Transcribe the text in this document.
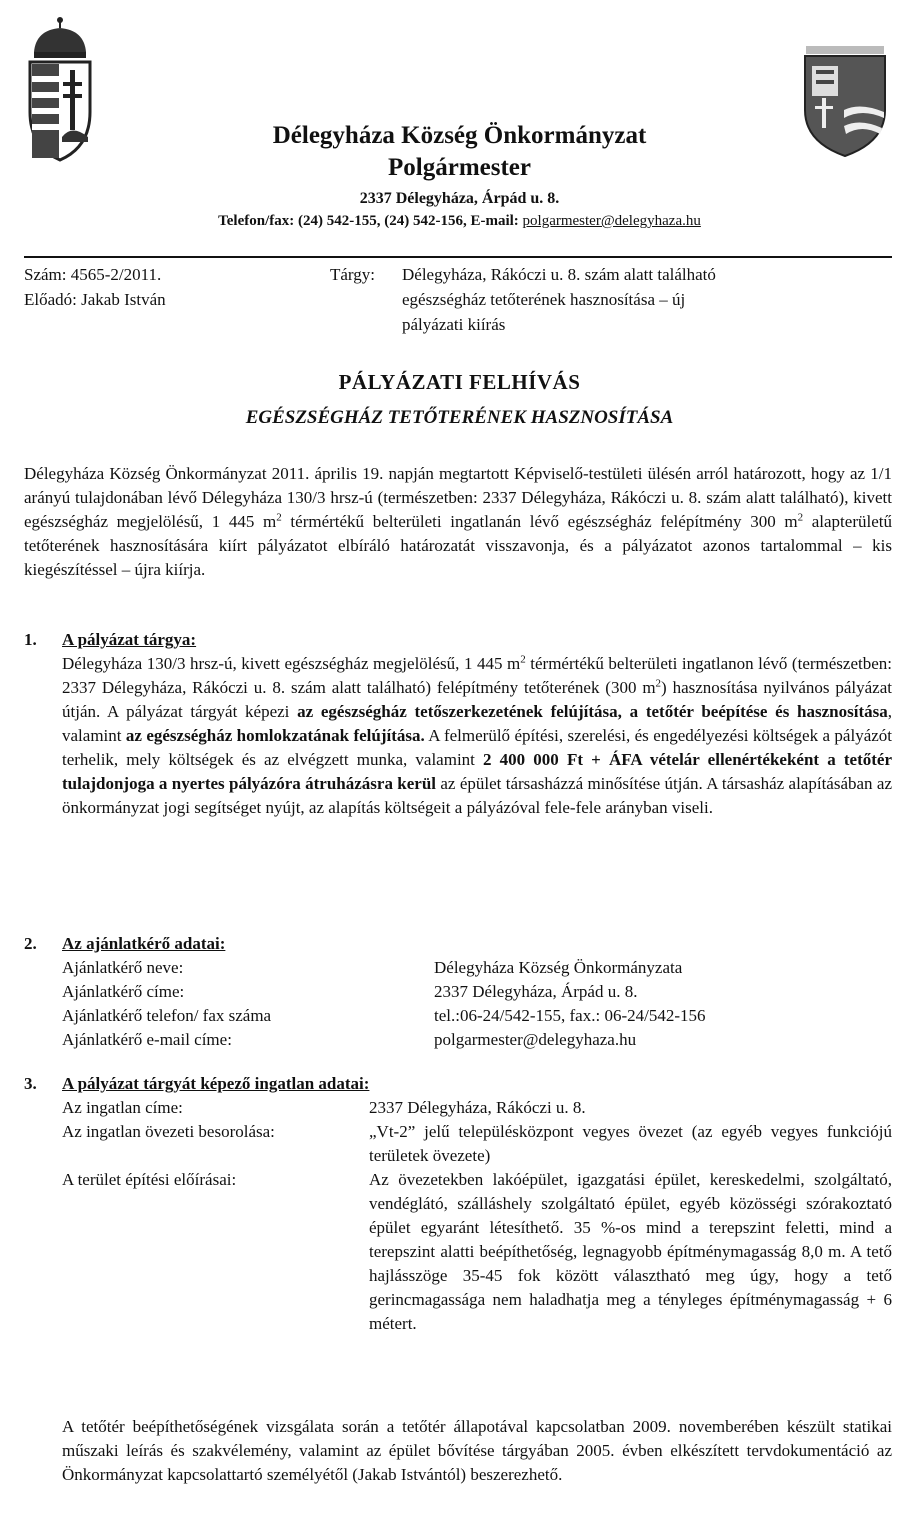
Délegyháza Község Önkormányzat
Polgármester
2337 Délegyháza, Árpád u. 8.
Telefon/fax: (24) 542-155, (24) 542-156, E-mail: polgarmester@delegyhaza.hu
Szám: 4565-2/2011.
Előadó: Jakab István
Tárgy: Délegyháza, Rákóczi u. 8. szám alatt található
egészségház tetőterének hasznosítása – új
pályázati kiírás
PÁLYÁZATI FELHÍVÁS
EGÉSZSÉGHÁZ TETŐTERÉNEK HASZNOSÍTÁSA
Délegyháza Község Önkormányzat 2011. április 19. napján megtartott Képviselő-testületi ülésén arról határozott, hogy az 1/1 arányú tulajdonában lévő Délegyháza 130/3 hrsz-ú (természetben: 2337 Délegyháza, Rákóczi u. 8. szám alatt található), kivett egészségház megjelölésű, 1 445 $m^2$ térmértékű belterületi ingatlanán lévő egészségház felépítmény 300 $m^2$ alapterületű tetőterének hasznosítására kiírt pályázatot elbíráló határozatát visszavonja, és a pályázatot azonos tartalommal – kis kiegészítéssel – újra kiírja.
1. A pályázat tárgya:
Délegyháza 130/3 hrsz-ú, kivett egészségház megjelölésű, 1 445 $m^2$ térmértékű belterületi ingatlanon lévő (természetben: 2337 Délegyháza, Rákóczi u. 8. szám alatt található) felépítmény tetőterének (300 $m^2$) hasznosítása nyilvános pályázat útján. A pályázat tárgyát képezi az egészségház tetőszerkezetének felújítása, a tetőtér beépítése és hasznosítása, valamint az egészségház homlokzatának felújítása. A felmerülő építési, szerelési, és engedélyezési költségek a pályázót terhelik, mely költségek és az elvégzett munka, valamint 2 400 000 Ft + ÁFA vételár ellenértékeként a tetőtér tulajdonjoga a nyertes pályázóra átruházásra kerül az épület társasházzá minősítése útján. A társasház alapításában az önkormányzat jogi segítséget nyújt, az alapítás költségeit a pályázóval fele-fele arányban viseli.
2. Az ajánlatkérő adatai:
Ajánlatkérő neve:	Délegyháza Község Önkormányzata
Ajánlatkérő címe:	2337 Délegyháza, Árpád u. 8.
Ajánlatkérő telefon/ fax száma	tel.:06-24/542-155, fax.: 06-24/542-156
Ajánlatkérő e-mail címe:	polgarmester@delegyhaza.hu
3. A pályázat tárgyát képező ingatlan adatai:
Az ingatlan címe:	2337 Délegyháza, Rákóczi u. 8.
Az ingatlan övezeti besorolása:	„Vt-2” jelű településközpont vegyes övezet (az egyéb vegyes funkciójú területek övezete)
A terület építési előírásai:	Az övezetekben lakóépület, igazgatási épület, kereskedelmi, szolgáltató, vendéglátó, szálláshely szolgáltató épület, egyéb közösségi szórakoztató épület egyaránt létesíthető. 35 %-os mind a terepszint feletti, mind a terepszint alatti beépíthetőség, legnagyobb építménymagasság 8,0 m. A tető hajlásszöge 35-45 fok között választható meg úgy, hogy a tető gerincmagassága nem haladhatja meg a tényleges építménymagasság + 6 métert.
A tetőtér beépíthetőségének vizsgálata során a tetőtér állapotával kapcsolatban 2009. novemberében készült statikai műszaki leírás és szakvélemény, valamint az épület bővítése tárgyában 2005. évben elkészített tervdokumentáció az Önkormányzat kapcsolattartó személyétől (Jakab Istvántól) beszerezhető.
